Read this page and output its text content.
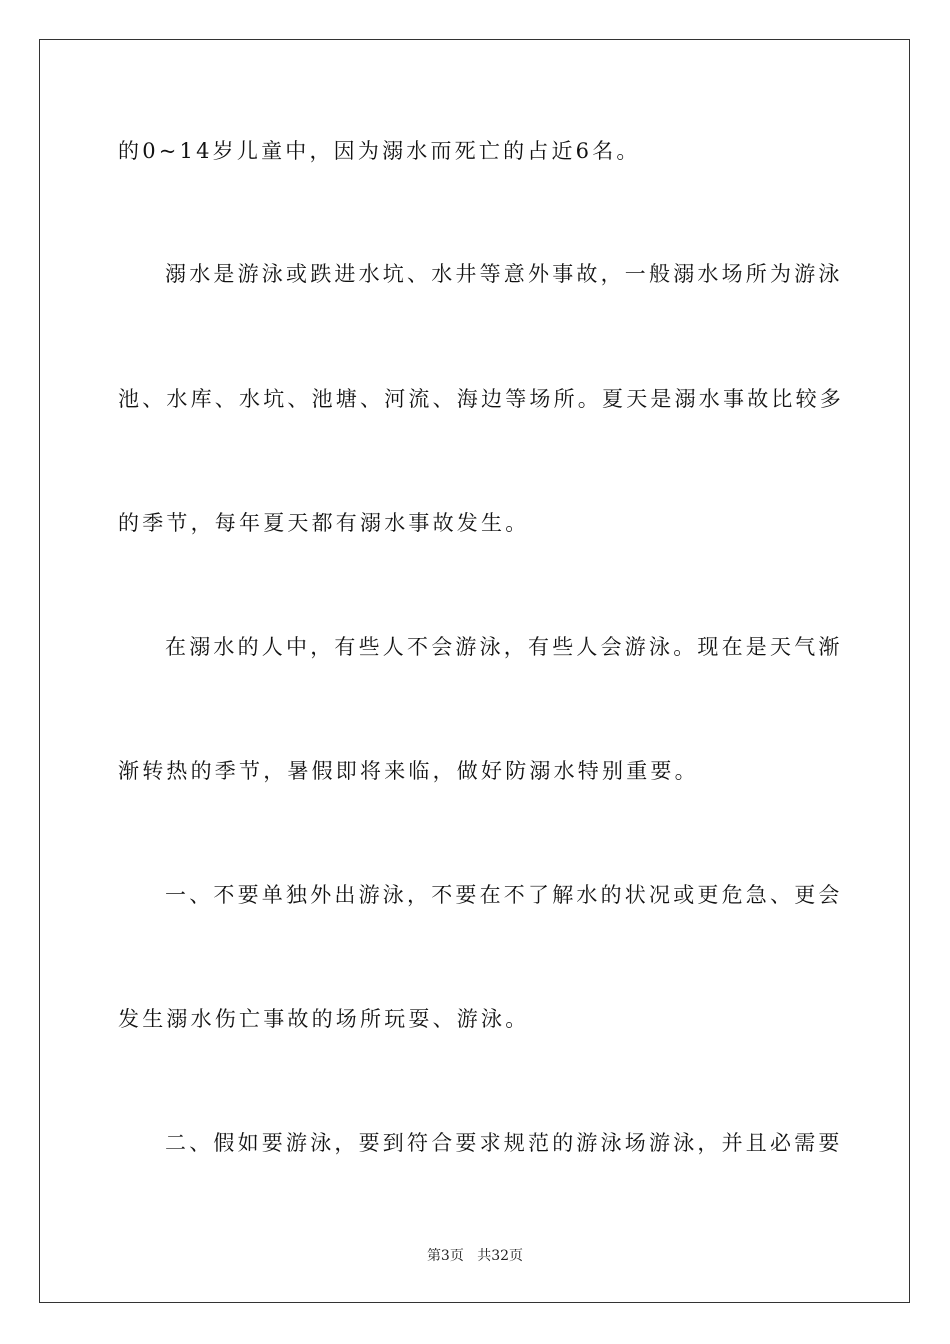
的0~14岁儿童中，因为溺水而死亡的占近6名。
溺水是游泳或跌进水坑、水井等意外事故，一般溺水场所为游泳
池、水库、水坑、池塘、河流、海边等场所。夏天是溺水事故比较多
的季节，每年夏天都有溺水事故发生。
在溺水的人中，有些人不会游泳，有些人会游泳。现在是天气渐
渐转热的季节，暑假即将来临，做好防溺水特别重要。
一、不要单独外出游泳，不要在不了解水的状况或更危急、更会
发生溺水伤亡事故的场所玩耍、游泳。
二、假如要游泳，要到符合要求规范的游泳场游泳，并且必需要
第3页 共32页
